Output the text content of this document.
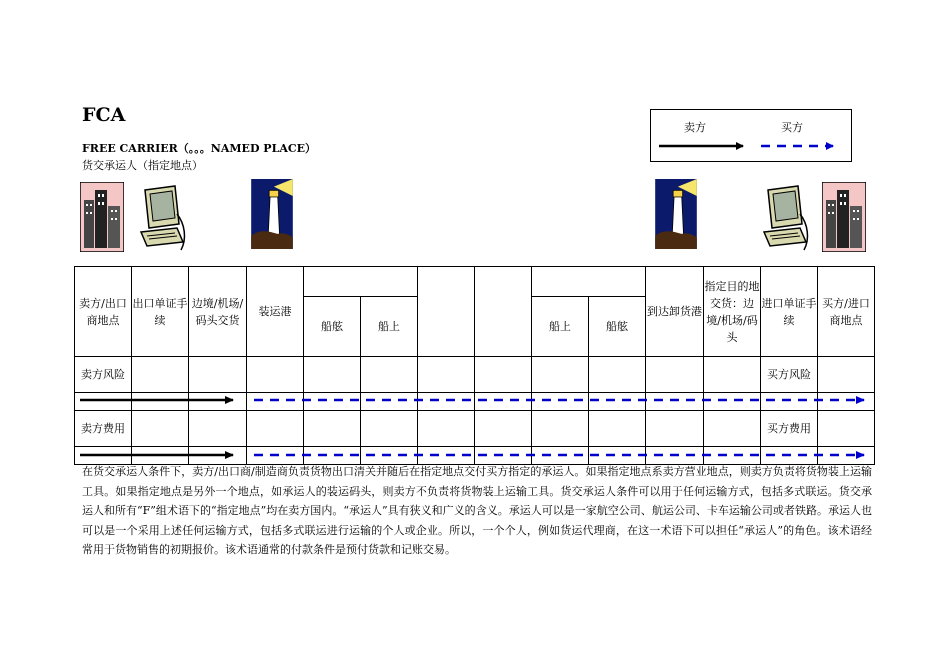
FCA
FREE CARRIER（。。。NAMED PLACE）
货交承运人（指定地点）
卖方	买方
卖方/出口商地点	出口单证手续	边境/机场/码头交货	装运港							到达卸货港	指定目的地交货：边境/机场/码头	进口单证手续	买方/进口商地点
				船舷	船上			船上	船舷				
卖方风险												买方风险	

卖方费用												买方费用	

在货交承运人条件下，卖方/出口商/制造商负责货物出口清关并随后在指定地点交付买方指定的承运人。如果指定地点系卖方营业地点，则卖方负责将货物装上运输工具。如果指定地点是另外一个地点，如承运人的装运码头，则卖方不负责将货物装上运输工具。货交承运人条件可以用于任何运输方式，包括多式联运。货交承运人和所有“F”组术语下的“指定地点”均在卖方国内。“承运人”具有狭义和广义的含义。承运人可以是一家航空公司、航运公司、卡车运输公司或者铁路。承运人也可以是一个采用上述任何运输方式，包括多式联运进行运输的个人或企业。所以，一个个人，例如货运代理商，在这一术语下可以担任“承运人”的角色。该术语经常用于货物销售的初期报价。该术语通常的付款条件是预付货款和记账交易。
